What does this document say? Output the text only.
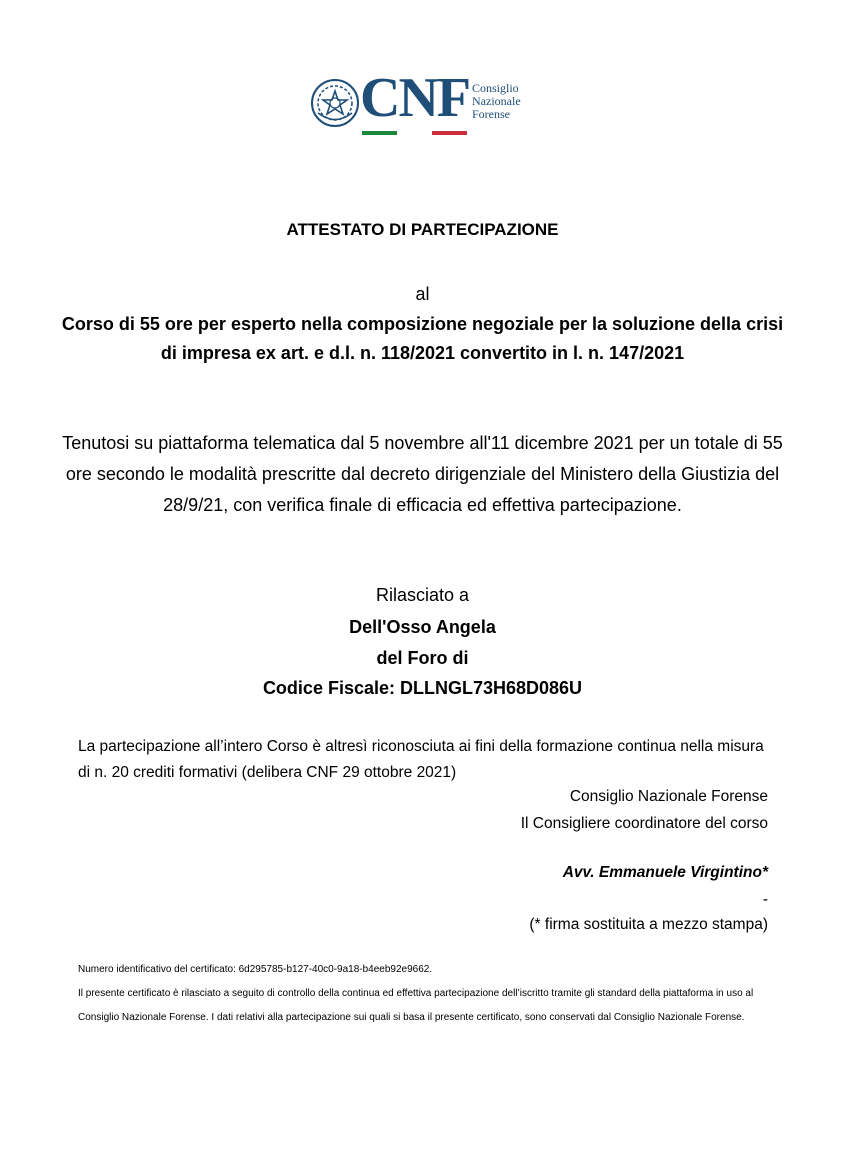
CNF Consiglio
Nazionale
Forense
ATTESTATO DI PARTECIPAZIONE
al
Corso di 55 ore per esperto nella composizione negoziale per la soluzione della crisi di impresa ex art. e d.l. n. 118/2021 convertito in l. n. 147/2021
Tenutosi su piattaforma telematica dal 5 novembre all'11 dicembre 2021 per un totale di 55 ore secondo le modalità prescritte dal decreto dirigenziale del Ministero della Giustizia del 28/9/21, con verifica finale di efficacia ed effettiva partecipazione.
Rilasciato a
Dell'Osso Angela
del Foro di
Codice Fiscale: DLLNGL73H68D086U
La partecipazione all’intero Corso è altresì riconosciuta ai fini della formazione continua nella misura di n. 20 crediti formativi (delibera CNF 29 ottobre 2021)
Consiglio Nazionale Forense
Il Consigliere coordinatore del corso
Avv. Emmanuele Virgintino*
-
(* firma sostituita a mezzo stampa)
Numero identificativo del certificato: 6d295785-b127-40c0-9a18-b4eeb92e9662.
Il presente certificato è rilasciato a seguito di controllo della continua ed effettiva partecipazione dell’iscritto tramite gli standard della piattaforma in uso al Consiglio Nazionale Forense. I dati relativi alla partecipazione sui quali si basa il presente certificato, sono conservati dal Consiglio Nazionale Forense.
